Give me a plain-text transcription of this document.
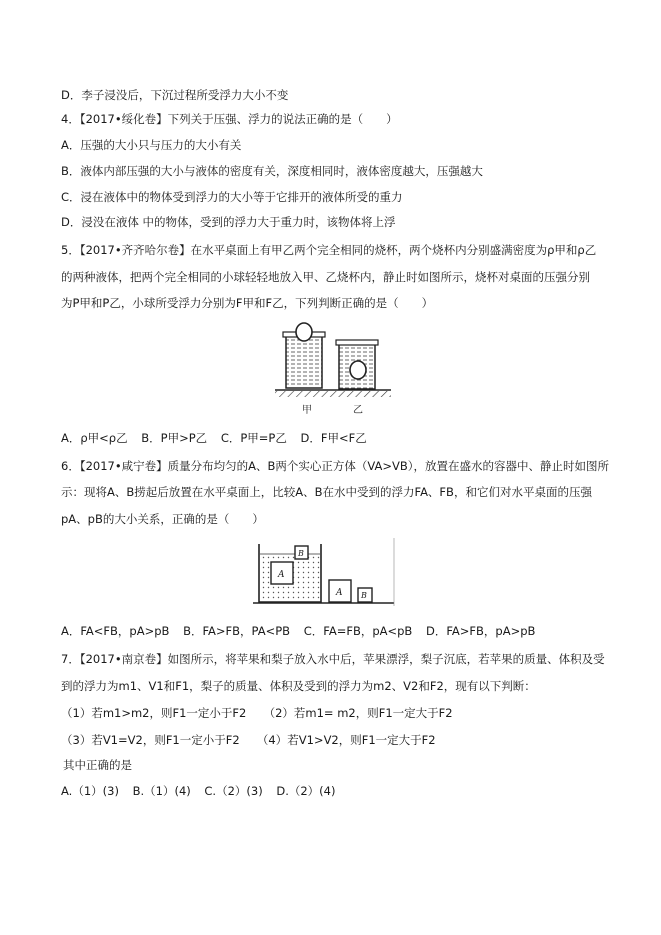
D．李子浸没后，下沉过程所受浮力大小不变
4．【2017•绥化卷】下列关于压强、浮力的说法正确的是（　　）
A．压强的大小只与压力的大小有关
B．液体内部压强的大小与液体的密度有关，深度相同时，液体密度越大，压强越大
C．浸在液体中的物体受到浮力的大小等于它排开的液体所受的重力
D．浸没在液体 中的物体，受到的浮力大于重力时，该物体将上浮
5．【2017•齐齐哈尔卷】在水平桌面上有甲乙两个完全相同的烧杯，两个烧杯内分别盛满密度为ρ甲和ρ乙
的两种液体，把两个完全相同的小球轻轻地放入甲、乙烧杯内，静止时如图所示，烧杯对桌面的压强分别
为P甲和P乙，小球所受浮力分别为F甲和F乙，下列判断正确的是（　　）
甲	乙
A．ρ甲<ρ乙 B．P甲>P乙 C．P甲=P乙 D．F甲<F乙
6．【2017•咸宁卷】质量分布均匀的A、B两个实心正方体（VA>VB），放置在盛水的容器中、静止时如图所
示：现将A、B捞起后放置在水平桌面上，比较A、B在水中受到的浮力FA、FB，和它们对水平桌面的压强
pA、pB的大小关系，正确的是（　　）
A
B
A B
A．FA<FB，pA>pB B．FA>FB，PA<PB C．FA=FB，pA<pB D．FA>FB，pA>pB
7．【2017•南京卷】如图所示，将苹果和梨子放入水中后，苹果漂浮，梨子沉底，若苹果的质量、体积及受
到的浮力为m1、V1和F1，梨子的质量、体积及受到的浮力为m2、V2和F2，现有以下判断：
（1）若m1>m2，则F1一定小于F2　　（2）若m1= m2，则F1一定大于F2
（3）若V1=V2，则F1一定小于F2　　（4）若V1>V2，则F1一定大于F2
其中正确的是
A.（1）(3) B.（1）(4) C.（2）(3) D.（2）(4)
